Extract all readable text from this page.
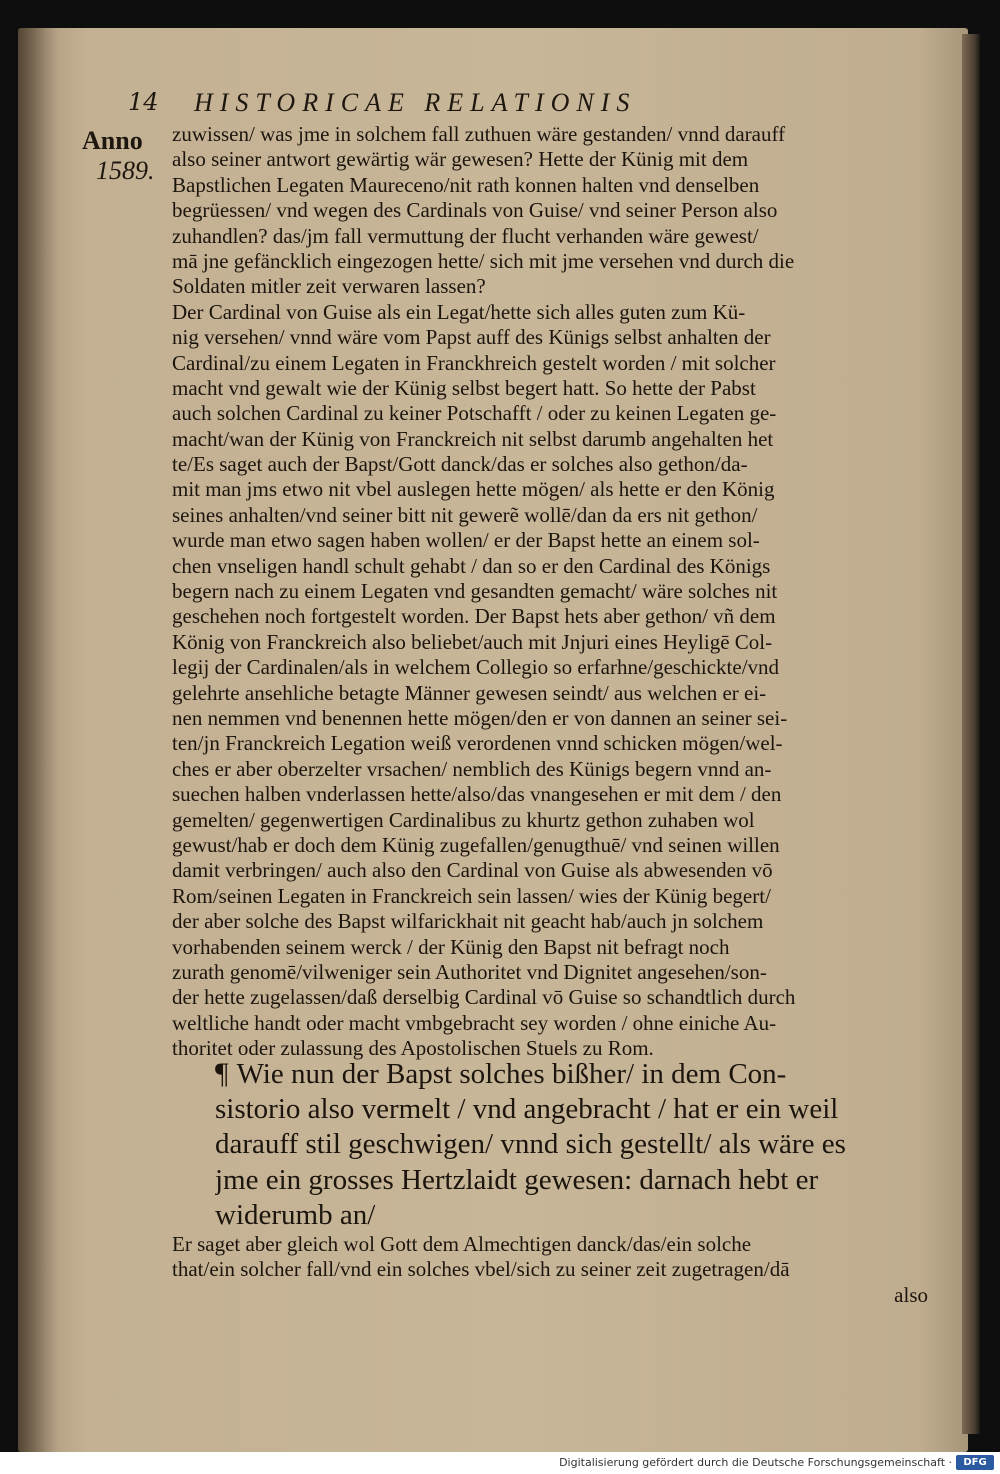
14 HISTORICAE RELATIONIS
Anno
1589.
zuwissen/ was jme in solchem fall zuthuen wäre gestanden/ vnnd darauff
also seiner antwort gewärtig wär gewesen? Hette der Künig mit dem
Bapstlichen Legaten Maureceno/nit rath konnen halten vnd denselben
begrüessen/ vnd wegen des Cardinals von Guise/ vnd seiner Person also
zuhandlen? das/jm fall vermuttung der flucht verhanden wäre gewest/
mā jne gefäncklich eingezogen hette/ sich mit jme versehen vnd durch die
Soldaten mitler zeit verwaren lassen?
Der Cardinal von Guise als ein Legat/hette sich alles guten zum Kü-
nig versehen/ vnnd wäre vom Papst auff des Künigs selbst anhalten der
Cardinal/zu einem Legaten in Franckhreich gestelt worden / mit solcher
macht vnd gewalt wie der Künig selbst begert hatt. So hette der Pabst
auch solchen Cardinal zu keiner Potschafft / oder zu keinen Legaten ge-
macht/wan der Künig von Franckreich nit selbst darumb angehalten het
te/Es saget auch der Bapst/Gott danck/das er solches also gethon/da-
mit man jms etwo nit vbel auslegen hette mögen/ als hette er den König
seines anhalten/vnd seiner bitt nit gewerẽ wollē/dan da ers nit gethon/
wurde man etwo sagen haben wollen/ er der Bapst hette an einem sol-
chen vnseligen handl schult gehabt / dan so er den Cardinal des Königs
begern nach zu einem Legaten vnd gesandten gemacht/ wäre solches nit
geschehen noch fortgestelt worden. Der Bapst hets aber gethon/ vñ dem
König von Franckreich also beliebet/auch mit Jnjuri eines Heyligē Col-
legij der Cardinalen/als in welchem Collegio so erfarhne/geschickte/vnd
gelehrte ansehliche betagte Männer gewesen seindt/ aus welchen er ei-
nen nemmen vnd benennen hette mögen/den er von dannen an seiner sei-
ten/jn Franckreich Legation weiß verordenen vnnd schicken mögen/wel-
ches er aber oberzelter vrsachen/ nemblich des Künigs begern vnnd an-
suechen halben vnderlassen hette/also/das vnangesehen er mit dem / den
gemelten/ gegenwertigen Cardinalibus zu khurtz gethon zuhaben wol
gewust/hab er doch dem Künig zugefallen/genugthuē/ vnd seinen willen
damit verbringen/ auch also den Cardinal von Guise als abwesenden vō
Rom/seinen Legaten in Franckreich sein lassen/ wies der Künig begert/
der aber solche des Bapst wilfarickhait nit geacht hab/auch jn solchem
vorhabenden seinem werck / der Künig den Bapst nit befragt noch
zurath genomē/vilweniger sein Authoritet vnd Dignitet angesehen/son-
der hette zugelassen/daß derselbig Cardinal vō Guise so schandtlich durch
weltliche handt oder macht vmbgebracht sey worden / ohne einiche Au-
thoritet oder zulassung des Apostolischen Stuels zu Rom.
¶ Wie nun der Bapst solches bißher/ in dem Con-
sistorio also vermelt / vnd angebracht / hat er ein weil
darauff stil geschwigen/ vnnd sich gestellt/ als wäre es
jme ein grosses Hertzlaidt gewesen: darnach hebt er
widerumb an/
Er saget aber gleich wol Gott dem Almechtigen danck/das/ein solche
that/ein solcher fall/vnd ein solches vbel/sich zu seiner zeit zugetragen/dā
also
Digitalisierung gefördert durch die Deutsche Forschungsgemeinschaft ·	DFG
